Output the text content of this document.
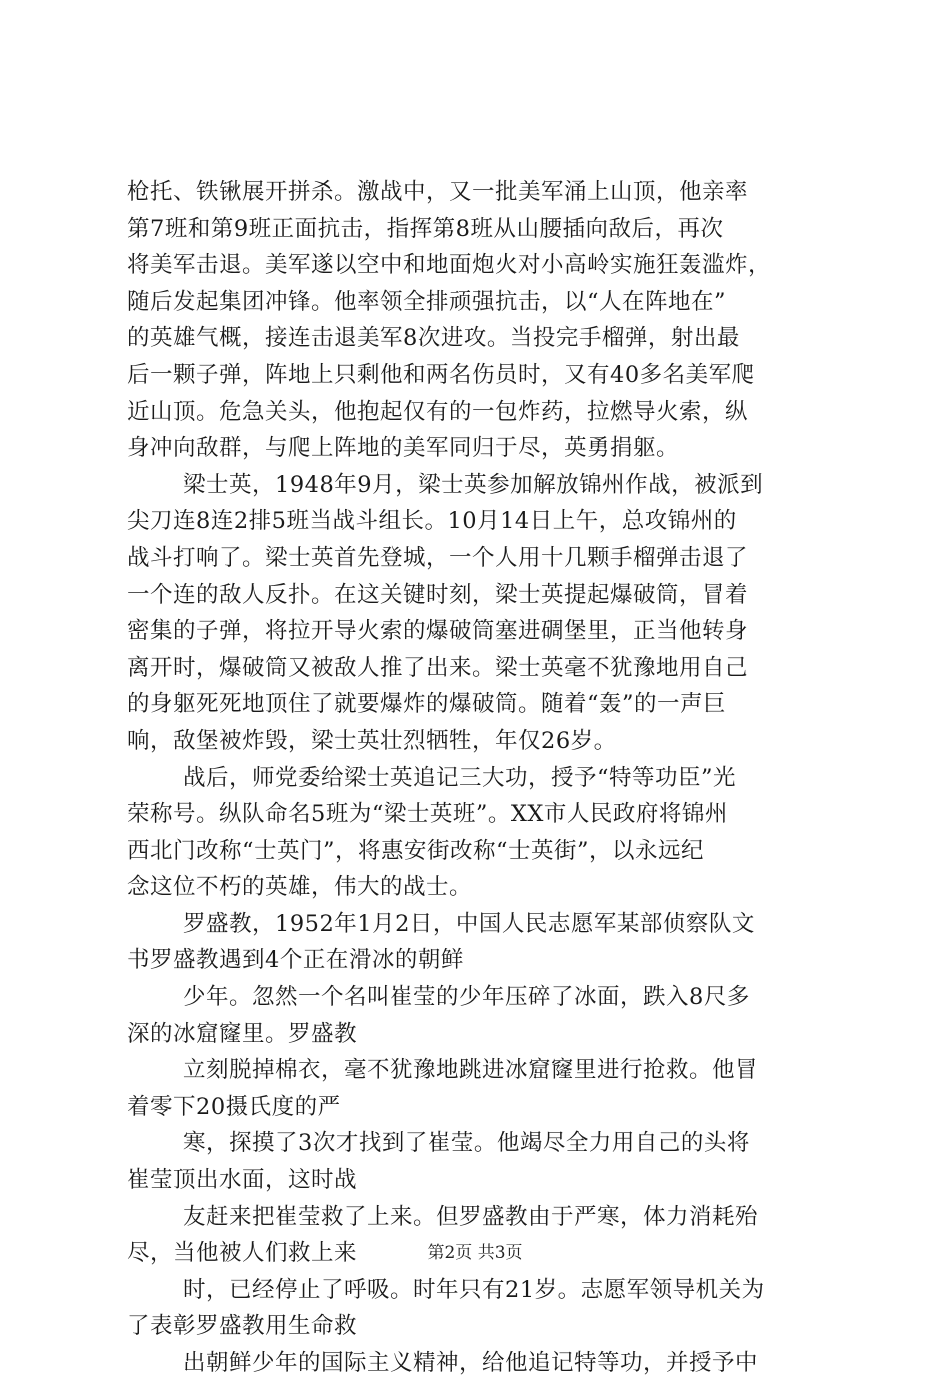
枪托、铁锹展开拼杀。激战中，又一批美军涌上山顶，他亲率
第7班和第9班正面抗击，指挥第8班从山腰插向敌后，再次
将美军击退。美军遂以空中和地面炮火对小高岭实施狂轰滥炸，
随后发起集团冲锋。他率领全排顽强抗击，以“人在阵地在”
的英雄气概，接连击退美军8次进攻。当投完手榴弹，射出最
后一颗子弹，阵地上只剩他和两名伤员时，又有40多名美军爬
近山顶。危急关头，他抱起仅有的一包炸药，拉燃导火索，纵
身冲向敌群，与爬上阵地的美军同归于尽，英勇捐躯。
梁士英，1948年9月，梁士英参加解放锦州作战，被派到
尖刀连8连2排5班当战斗组长。10月14日上午，总攻锦州的
战斗打响了。梁士英首先登城，一个人用十几颗手榴弹击退了
一个连的敌人反扑。在这关键时刻，梁士英提起爆破筒，冒着
密集的子弹，将拉开导火索的爆破筒塞进碉堡里，正当他转身
离开时，爆破筒又被敌人推了出来。梁士英毫不犹豫地用自己
的身躯死死地顶住了就要爆炸的爆破筒。随着“轰”的一声巨
响，敌堡被炸毁，梁士英壮烈牺牲，年仅26岁。
战后，师党委给梁士英追记三大功，授予“特等功臣”光
荣称号。纵队命名5班为“梁士英班”。XX市人民政府将锦州
西北门改称“士英门”，将惠安街改称“士英街”，以永远纪
念这位不朽的英雄，伟大的战士。
罗盛教，1952年1月2日，中国人民志愿军某部侦察队文
书罗盛教遇到4个正在滑冰的朝鲜
少年。忽然一个名叫崔莹的少年压碎了冰面，跌入8尺多
深的冰窟窿里。罗盛教
立刻脱掉棉衣，毫不犹豫地跳进冰窟窿里进行抢救。他冒
着零下20摄氏度的严
寒，探摸了3次才找到了崔莹。他竭尽全力用自己的头将
崔莹顶出水面，这时战
友赶来把崔莹救了上来。但罗盛教由于严寒，体力消耗殆
尽，当他被人们救上来
时，已经停止了呼吸。时年只有21岁。志愿军领导机关为
了表彰罗盛教用生命救
出朝鲜少年的国际主义精神，给他追记特等功，并授予中
第2页 共3页
